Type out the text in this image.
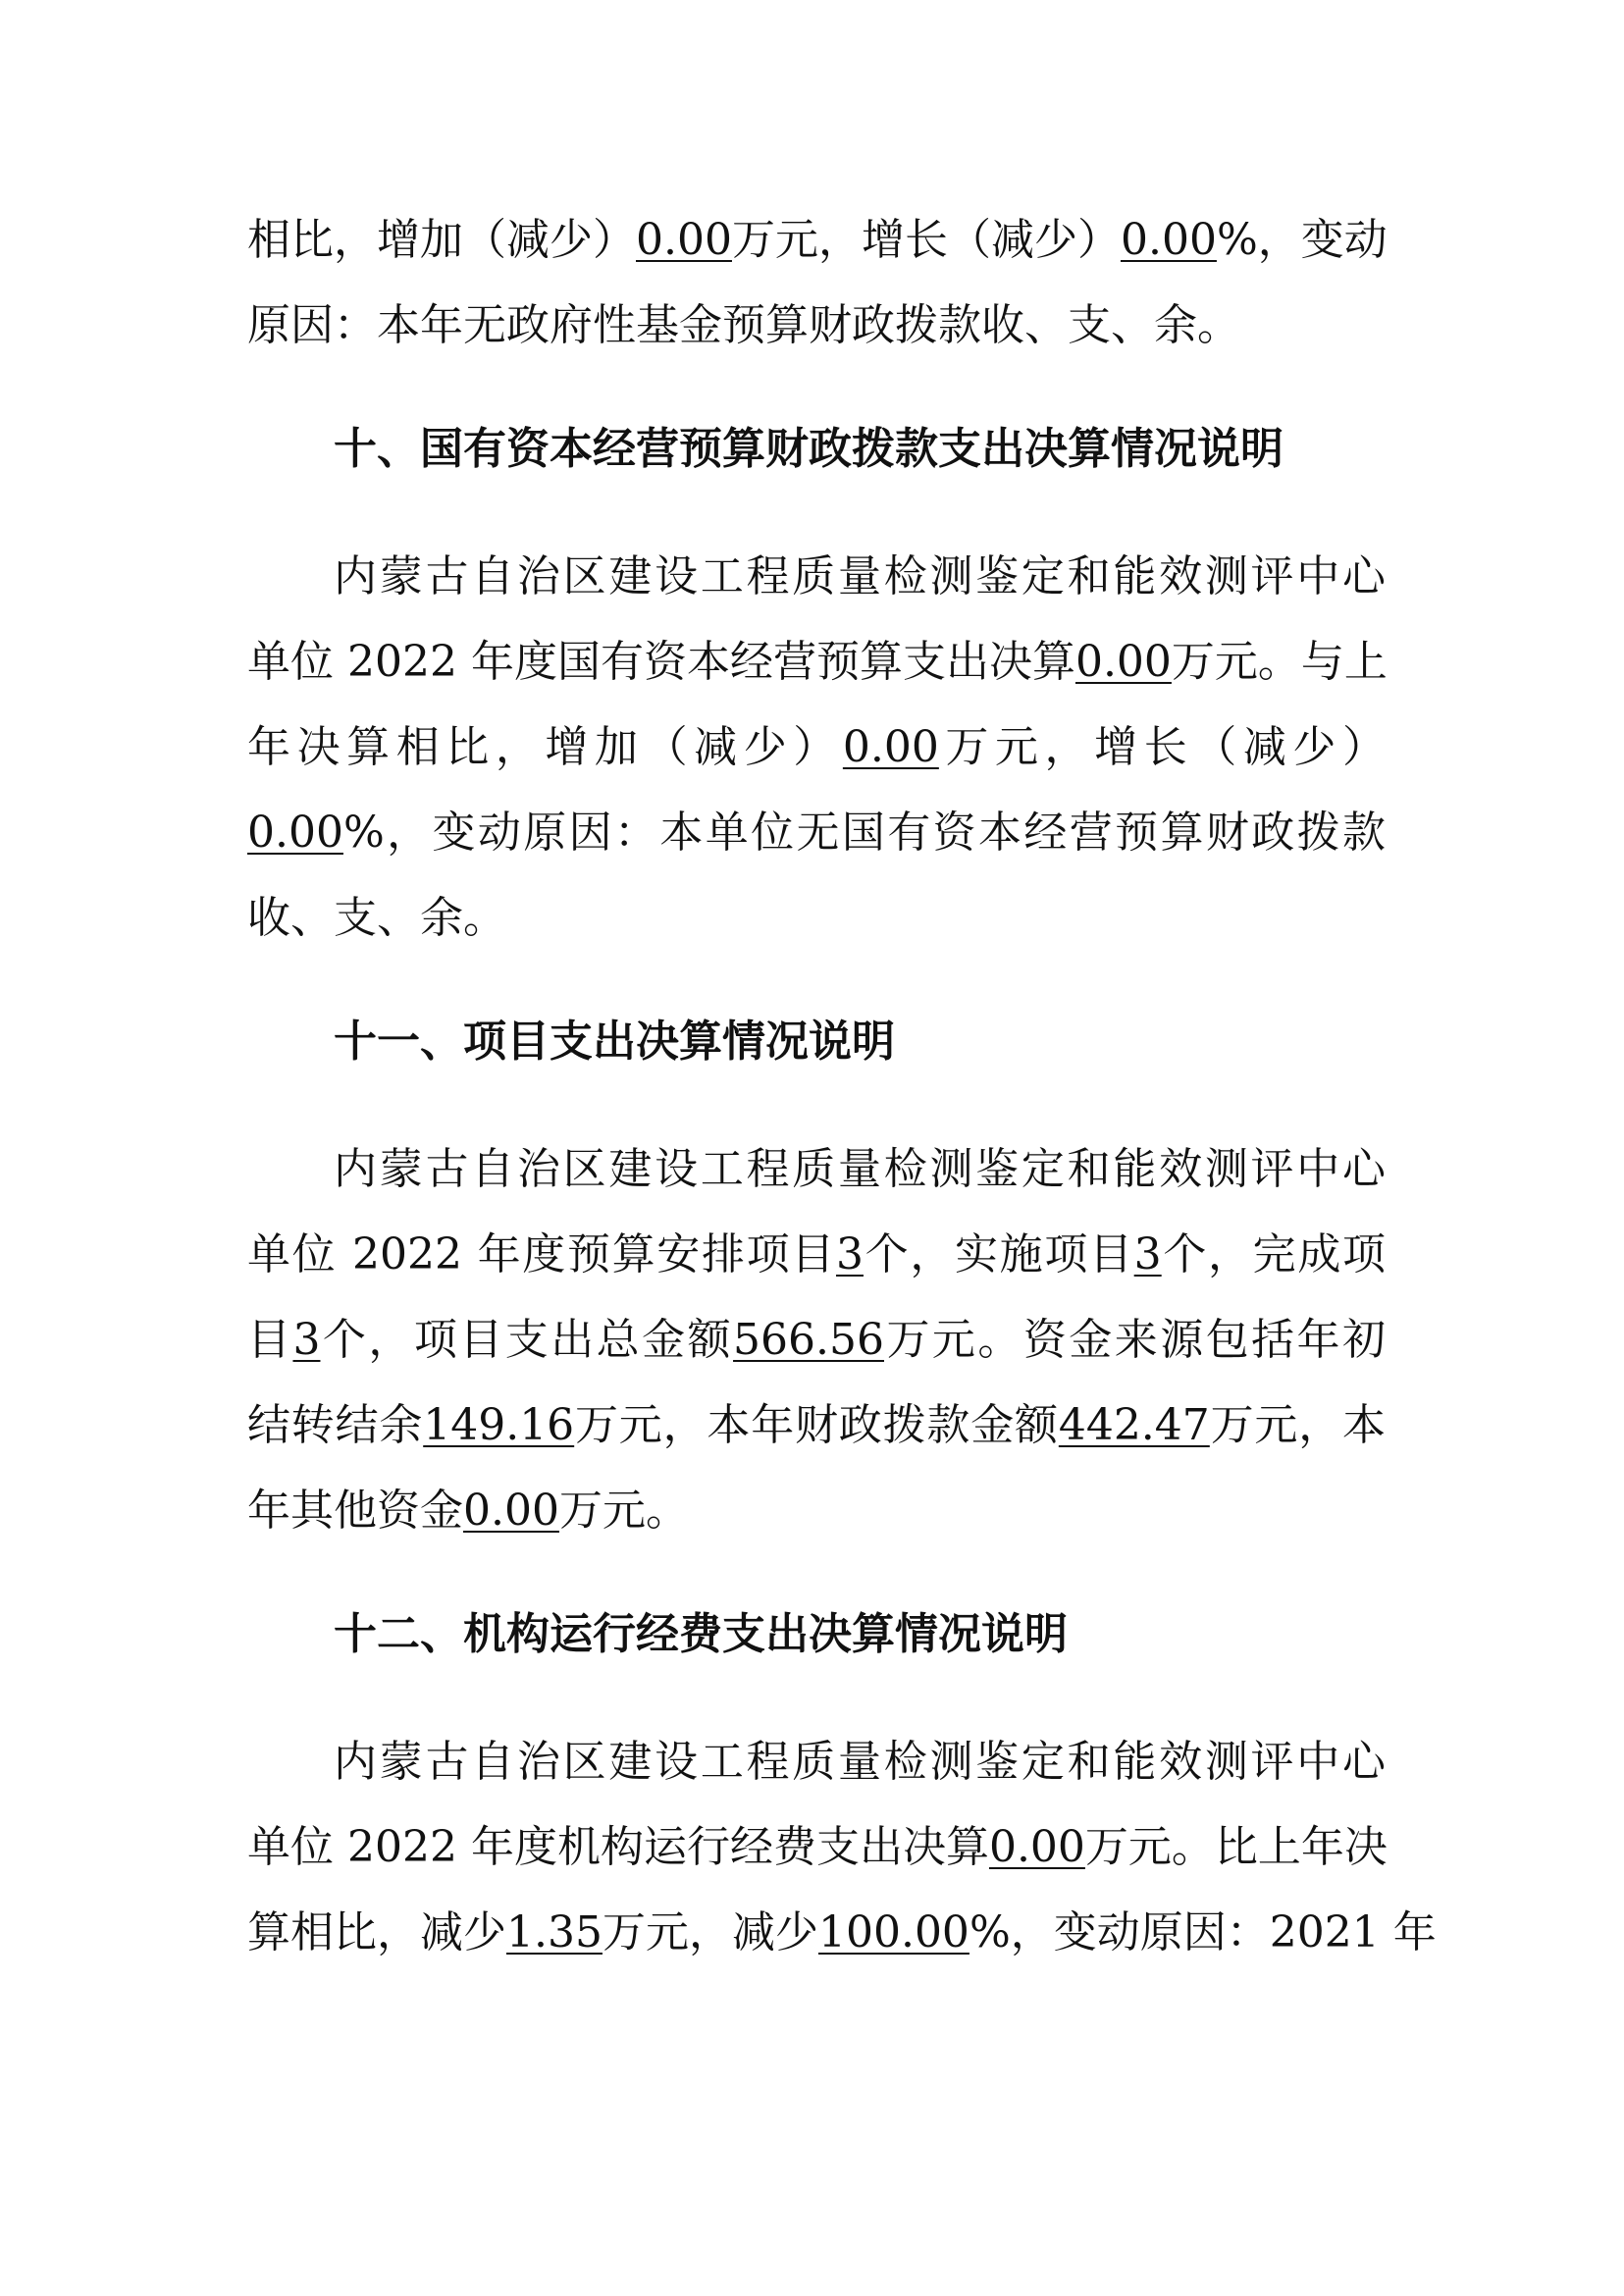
相比，增加（减少）0.00万元，增长（减少）0.00%，变动
原因：本年无政府性基金预算财政拨款收、支、余。
十、国有资本经营预算财政拨款支出决算情况说明
内蒙古自治区建设工程质量检测鉴定和能效测评中心
单位 2022 年度国有资本经营预算支出决算0.00万元。与上
年决算相比，增加（减少）0.00万元，增长（减少）
0.00%，变动原因：本单位无国有资本经营预算财政拨款
收、支、余。
十一、项目支出决算情况说明
内蒙古自治区建设工程质量检测鉴定和能效测评中心
单位 2022 年度预算安排项目3个，实施项目3个，完成项
目3个，项目支出总金额566.56万元。资金来源包括年初
结转结余149.16万元，本年财政拨款金额442.47万元，本
年其他资金0.00万元。
十二、机构运行经费支出决算情况说明
内蒙古自治区建设工程质量检测鉴定和能效测评中心
单位 2022 年度机构运行经费支出决算0.00万元。比上年决
算相比，减少1.35万元，减少100.00%，变动原因：2021 年
